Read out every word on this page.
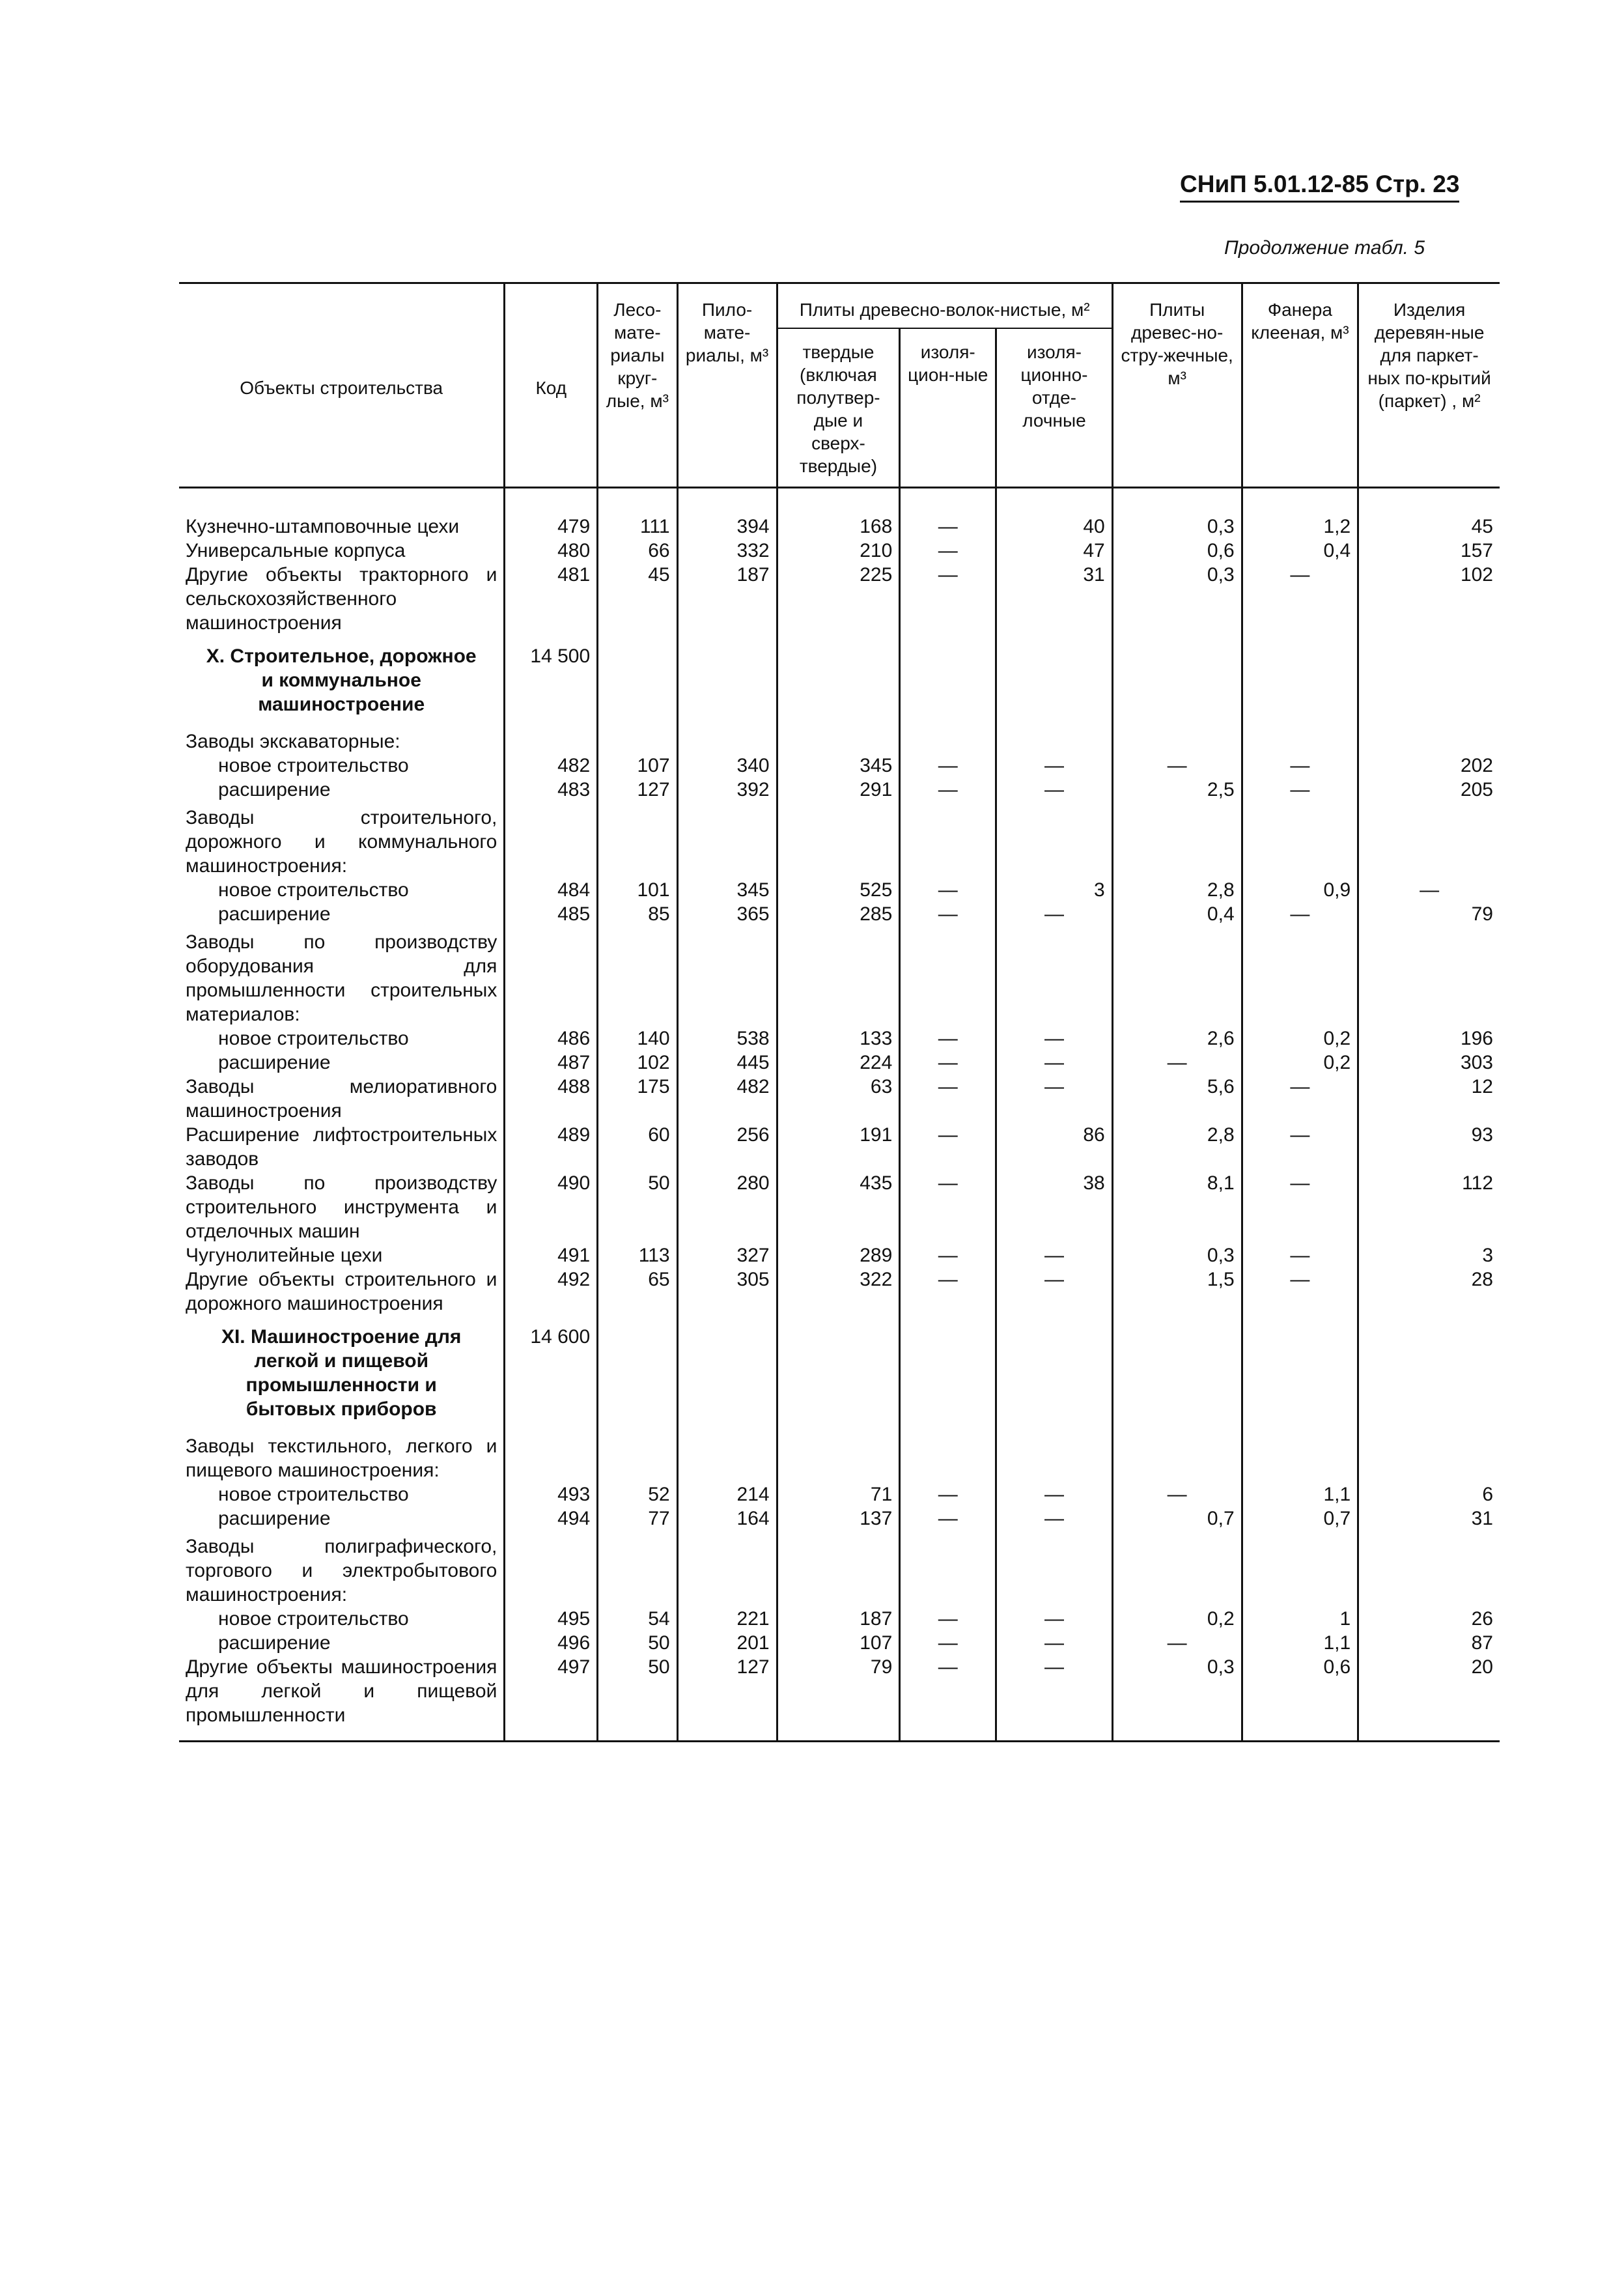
СНиП 5.01.12-85 Стр. 23
Продолжение табл. 5
Объекты строительства	Код	Лесо-мате-риалы круг-лые, м³	Пило-мате-риалы, м³	Плиты древесно-волок-нистые, м²			Плиты древес-но-стру-жечные, м³	Фанера клееная, м³	Изделия деревян-ные для паркет-ных по-крытий (паркет) , м²
				твердые (включая полутвер-дые и сверх-твердые)	изоля-цион-ные	изоля-ционно-отде-лочные			

Кузнечно-штамповочные цехи	479	111	394	168	—	40	0,3	1,2	45
Универсальные корпуса	480	66	332	210	—	47	0,6	0,4	157
Другие объекты тракторного и сельскохозяйственного машиностроения	481	45	187	225	—	31	0,3	—	102
X. Строительное, дорожное и коммунальное машиностроение	14 500								
Заводы экскаваторные:									
новое строительство	482	107	340	345	—	—	—	—	202
расширение	483	127	392	291	—	—	2,5	—	205
Заводы строительного, дорожного и коммунального машиностроения:									
новое строительство	484	101	345	525	—	3	2,8	0,9	—
расширение	485	85	365	285	—	—	0,4	—	79
Заводы по производству оборудования для промышленности строительных материалов:									
новое строительство	486	140	538	133	—	—	2,6	0,2	196
расширение	487	102	445	224	—	—	—	0,2	303
Заводы мелиоративного машиностроения	488	175	482	63	—	—	5,6	—	12
Расширение лифтостроительных заводов	489	60	256	191	—	86	2,8	—	93
Заводы по производству строительного инструмента и отделочных машин	490	50	280	435	—	38	8,1	—	112
Чугунолитейные цехи	491	113	327	289	—	—	0,3	—	3
Другие объекты строительного и дорожного машиностроения	492	65	305	322	—	—	1,5	—	28
XI. Машиностроение для легкой и пищевой промышленности и бытовых приборов	14 600								
Заводы текстильного, легкого и пищевого машиностроения:									
новое строительство	493	52	214	71	—	—	—	1,1	6
расширение	494	77	164	137	—	—	0,7	0,7	31
Заводы полиграфического, торгового и электробытового машиностроения:									
новое строительство	495	54	221	187	—	—	0,2	1	26
расширение	496	50	201	107	—	—	—	1,1	87
Другие объекты машиностроения для легкой и пищевой промышленности	497	50	127	79	—	—	0,3	0,6	20
